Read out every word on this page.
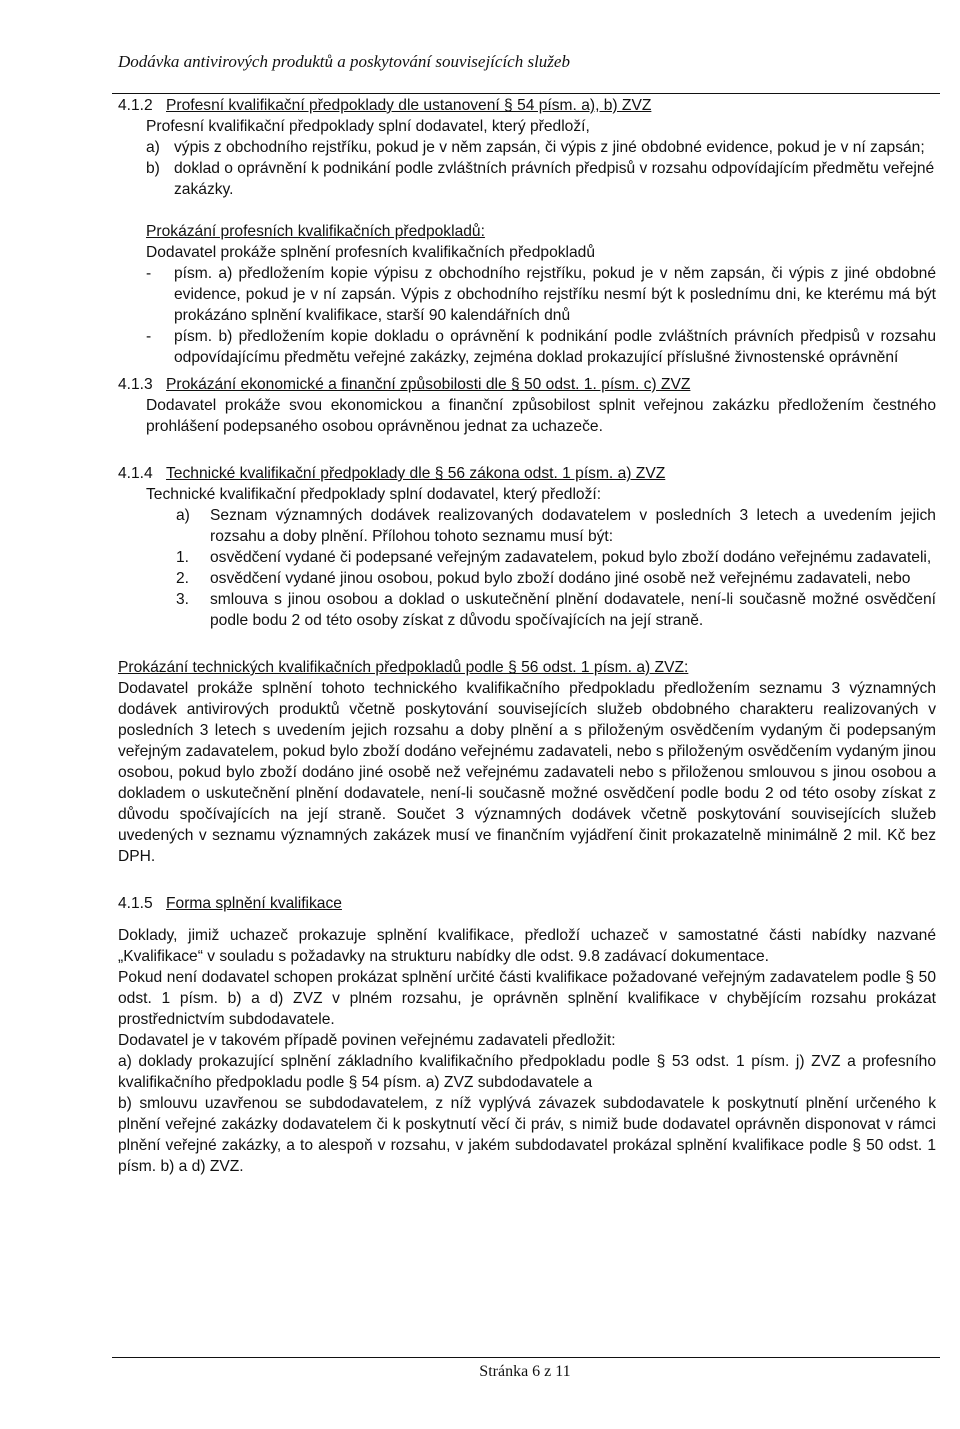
Dodávka antivirových produktů a poskytování souvisejících služeb
4.1.2 Profesní kvalifikační předpoklady dle ustanovení § 54 písm. a), b) ZVZ

Profesní kvalifikační předpoklady splní dodavatel, který předloží,

a) výpis z obchodního rejstříku, pokud je v něm zapsán, či výpis z jiné obdobné evidence, pokud je v ní zapsán;
b) doklad o oprávnění k podnikání podle zvláštních právních předpisů v rozsahu odpovídajícím předmětu veřejné zakázky.

Prokázání profesních kvalifikačních předpokladů:

Dodavatel prokáže splnění profesních kvalifikačních předpokladů

-	písm. a) předložením kopie výpisu z obchodního rejstříku, pokud je v něm zapsán, či výpis z jiné obdobné evidence, pokud je v ní zapsán. Výpis z obchodního rejstříku nesmí být k poslednímu dni, ke kterému má být prokázáno splnění kvalifikace, starší 90 kalendářních dnů
-	písm. b) předložením kopie dokladu o oprávnění k podnikání podle zvláštních právních předpisů v rozsahu odpovídajícímu předmětu veřejné zakázky, zejména doklad prokazující příslušné živnostenské oprávnění
4.1.3 Prokázání ekonomické a finanční způsobilosti dle § 50 odst. 1. písm. c) ZVZ

Dodavatel prokáže svou ekonomickou a finanční způsobilost splnit veřejnou zakázku předložením čestného prohlášení podepsaného osobou oprávněnou jednat za uchazeče.

4.1.4 Technické kvalifikační předpoklady dle § 56 zákona odst. 1 písm. a) ZVZ

Technické kvalifikační předpoklady splní dodavatel, který předloží:

a)	Seznam významných dodávek realizovaných dodavatelem v posledních 3 letech a uvedením jejich rozsahu a doby plnění. Přílohou tohoto seznamu musí být:
1.	osvědčení vydané či podepsané veřejným zadavatelem, pokud bylo zboží dodáno veřejnému zadavateli,
2.	osvědčení vydané jinou osobou, pokud bylo zboží dodáno jiné osobě než veřejnému zadavateli, nebo
3.	smlouva s jinou osobou a doklad o uskutečnění plnění dodavatele, není-li současně možné osvědčení podle bodu 2 od této osoby získat z důvodu spočívajících na její straně.

Prokázání technických kvalifikačních předpokladů podle § 56 odst. 1 písm. a) ZVZ:

Dodavatel prokáže splnění tohoto technického kvalifikačního předpokladu předložením seznamu 3 významných dodávek antivirových produktů včetně poskytování souvisejících služeb obdobného charakteru realizovaných v posledních 3 letech s uvedením jejich rozsahu a doby plnění a s přiloženým osvědčením vydaným či podepsaným veřejným zadavatelem, pokud bylo zboží dodáno veřejnému zadavateli, nebo s přiloženým osvědčením vydaným jinou osobou, pokud bylo zboží dodáno jiné osobě než veřejnému zadavateli nebo s přiloženou smlouvou s jinou osobou a dokladem o uskutečnění plnění dodavatele, není-li současně možné osvědčení podle bodu 2 od této osoby získat z důvodu spočívajících na její straně. Součet 3 významných dodávek včetně poskytování souvisejících služeb uvedených v seznamu významných zakázek musí ve finančním vyjádření činit prokazatelně minimálně 2 mil. Kč bez DPH.

4.1.5 Forma splnění kvalifikace

Doklady, jimiž uchazeč prokazuje splnění kvalifikace, předloží uchazeč v samostatné části nabídky nazvané „Kvalifikace“ v souladu s požadavky na strukturu nabídky dle odst. 9.8 zadávací dokumentace.

Pokud není dodavatel schopen prokázat splnění určité části kvalifikace požadované veřejným zadavatelem podle § 50 odst. 1 písm. b) a d) ZVZ v plném rozsahu, je oprávněn splnění kvalifikace v chybějícím rozsahu prokázat prostřednictvím subdodavatele.

Dodavatel je v takovém případě povinen veřejnému zadavateli předložit:

a) doklady prokazující splnění základního kvalifikačního předpokladu podle § 53 odst. 1 písm. j) ZVZ a profesního kvalifikačního předpokladu podle § 54 písm. a) ZVZ subdodavatele a

b) smlouvu uzavřenou se subdodavatelem, z níž vyplývá závazek subdodavatele k poskytnutí plnění určeného k plnění veřejné zakázky dodavatelem či k poskytnutí věcí či práv, s nimiž bude dodavatel oprávněn disponovat v rámci plnění veřejné zakázky, a to alespoň v rozsahu, v jakém subdodavatel prokázal splnění kvalifikace podle § 50 odst. 1 písm. b) a d) ZVZ.

Stránka 6 z 11
